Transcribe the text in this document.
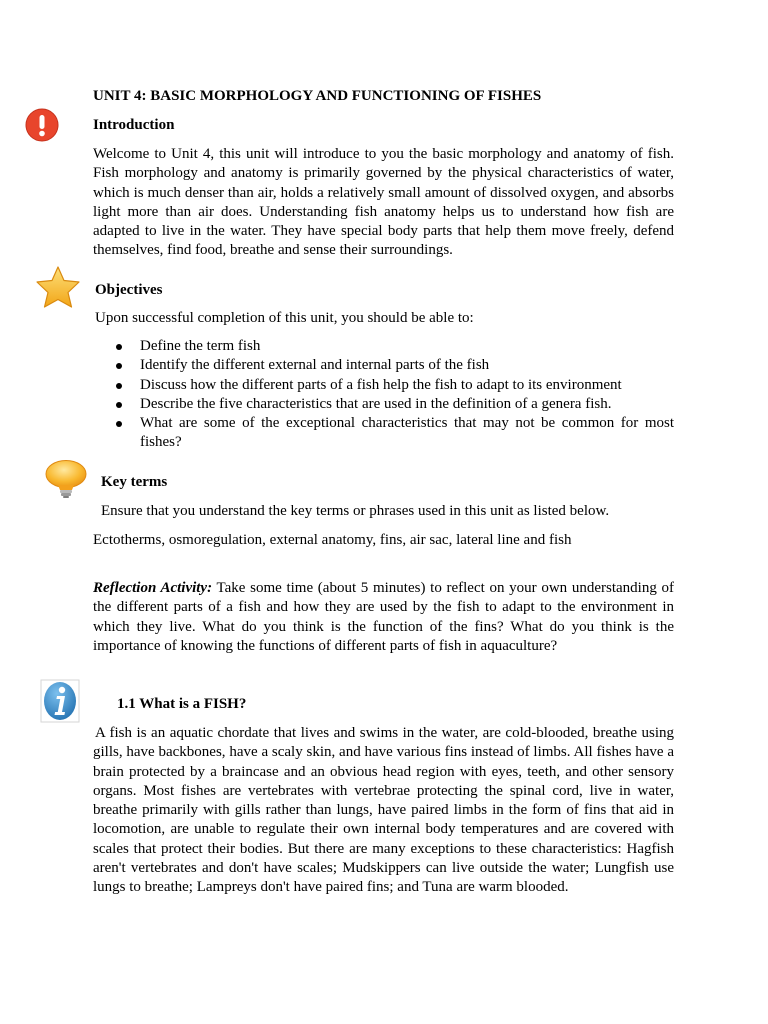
UNIT 4: BASIC MORPHOLOGY AND FUNCTIONING OF FISHES
Introduction
Welcome to Unit 4, this unit will introduce to you the basic morphology and anatomy of fish. Fish morphology and anatomy is primarily governed by the physical characteristics of water, which is much denser than air, holds a relatively small amount of dissolved oxygen, and absorbs light more than air does. Understanding fish anatomy helps us to understand how fish are adapted to live in the water. They have special body parts that help them move freely, defend themselves, find food, breathe and sense their surroundings.
Objectives
Upon successful completion of this unit, you should be able to:
Define the term fish
Identify the different external and internal parts of the fish
Discuss how the different parts of a fish help the fish to adapt to its environment
Describe the five characteristics that are used in the definition of a genera fish.
What are some of the exceptional characteristics that may not be common for most fishes?
Key terms
Ensure that you understand the key terms or phrases used in this unit as listed below.
Ectotherms, osmoregulation, external anatomy, fins, air sac, lateral line and fish
Reflection Activity: Take some time (about 5 minutes) to reflect on your own understanding of the different parts of a fish and how they are used by the fish to adapt to the environment in which they live. What do you think is the function of the fins? What do you think is the importance of knowing the functions of different parts of fish in aquaculture?
1.1 What is a FISH?
A fish is an aquatic chordate that lives and swims in the water, are cold-blooded, breathe using gills, have backbones, have a scaly skin, and have various fins instead of limbs. All fishes have a brain protected by a braincase and an obvious head region with eyes, teeth, and other sensory organs. Most fishes are vertebrates with vertebrae protecting the spinal cord, live in water, breathe primarily with gills rather than lungs, have paired limbs in the form of fins that aid in locomotion, are unable to regulate their own internal body temperatures and are covered with scales that protect their bodies. But there are many exceptions to these characteristics: Hagfish aren't vertebrates and don't have scales; Mudskippers can live outside the water; Lungfish use lungs to breathe; Lampreys don't have paired fins; and Tuna are warm blooded.
